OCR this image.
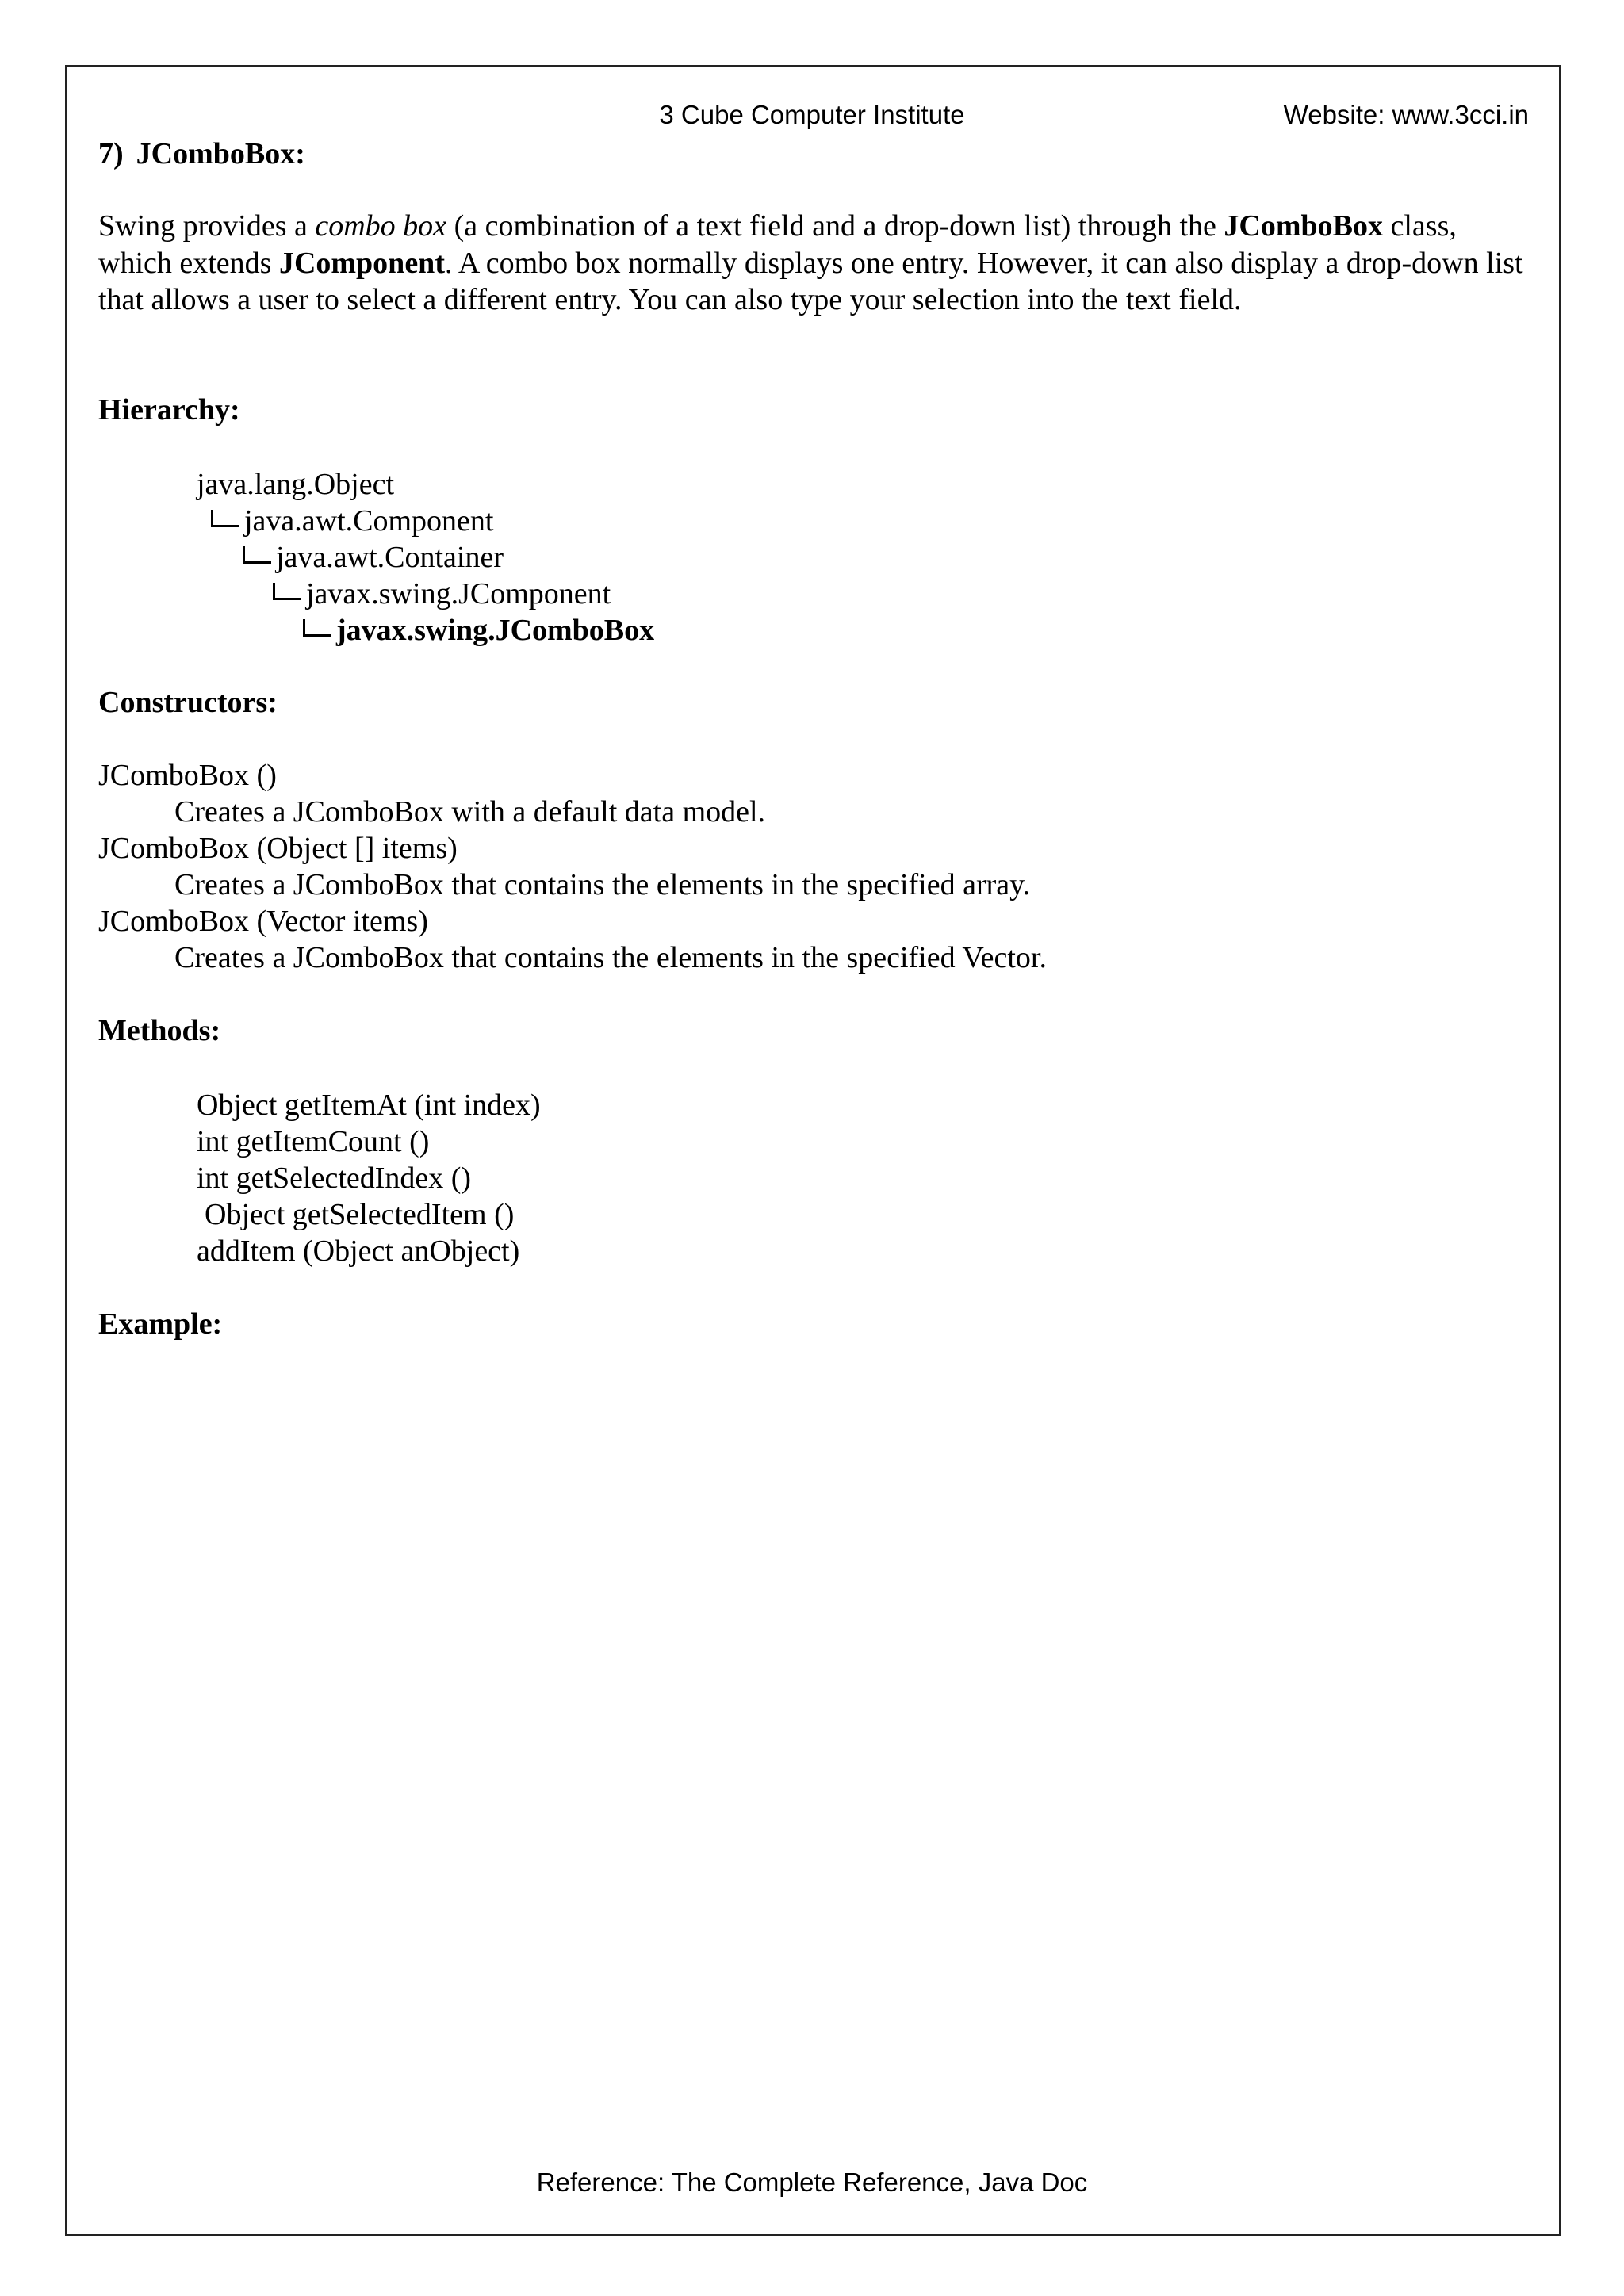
3 Cube Computer Institute	Website: www.3cci.in
7) JComboBox:
Swing provides a combo box (a combination of a text field and a drop-down list) through the JComboBox class, which extends JComponent. A combo box normally displays one entry. However, it can also display a drop-down list that allows a user to select a different entry. You can also type your selection into the text field.
Hierarchy:
java.lang.Object
java.awt.Component
java.awt.Container
javax.swing.JComponent
javax.swing.JComboBox
Constructors:
JComboBox ()
Creates a JComboBox with a default data model.
JComboBox (Object [] items)
Creates a JComboBox that contains the elements in the specified array.
JComboBox (Vector items)
Creates a JComboBox that contains the elements in the specified Vector.
Methods:
Object getItemAt (int index)
int getItemCount ()
int getSelectedIndex ()
Object getSelectedItem ()
addItem (Object anObject)
Example:
Reference: The Complete Reference, Java Doc
